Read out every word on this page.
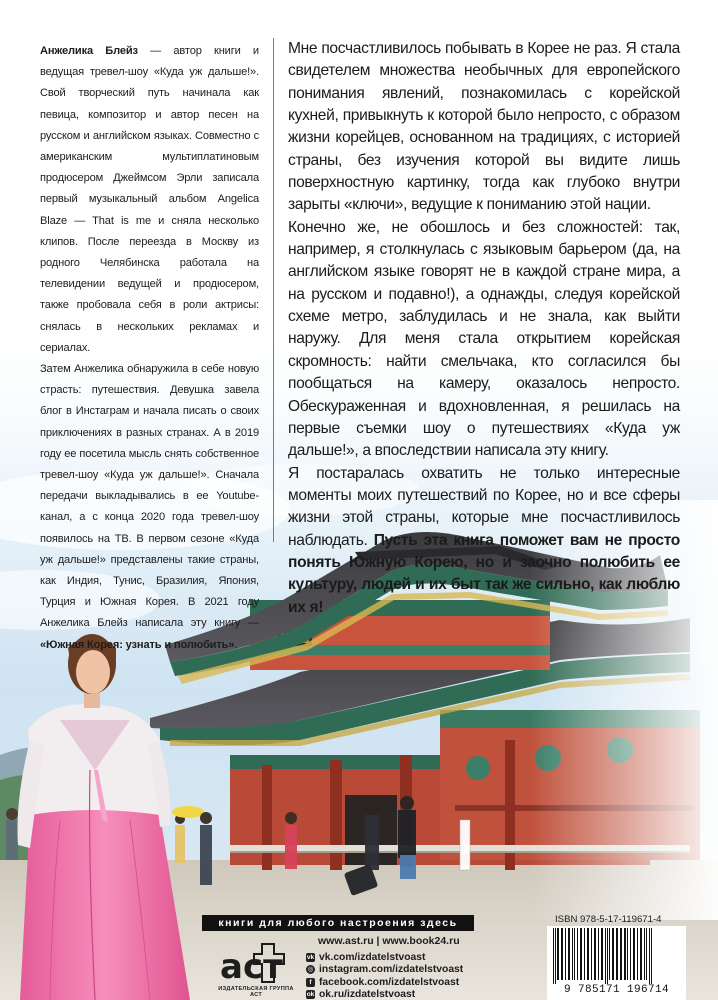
Анжелика Блейз — автор книги и ведущая тревел-шоу «Куда уж дальше!». Свой творческий путь начинала как певица, композитор и автор песен на русском и английском языках. Совместно с американским мультиплатиновым продюсером Джеймсом Эрли записала первый музыкальный альбом Angelica Blaze — That is me и сняла несколько клипов. После переезда в Москву из родного Челябинска работала на телевидении ведущей и продюсером, также пробовала себя в роли актрисы: снялась в нескольких рекламах и сериалах.

Затем Анжелика обнаружила в себе новую страсть: путешествия. Девушка завела блог в Инстаграм и начала писать о своих приключениях в разных странах. А в 2019 году ее посетила мысль снять собственное тревел-шоу «Куда уж дальше!». Сначала передачи выкладывались в ее Youtube-канал, а с конца 2020 года тревел-шоу появилось на ТВ. В первом сезоне «Куда уж дальше!» представлены такие страны, как Индия, Тунис, Бразилия, Япония, Турция и Южная Корея. В 2021 году Анжелика Блейз написала эту книгу — «Южная Корея: узнать и полюбить».

Мне посчастливилось побывать в Корее не раз. Я стала свидетелем множества необычных для европейского понимания явлений, познакомилась с корейской кухней, привыкнуть к которой было непросто, с образом жизни корейцев, основанном на традициях, с историей страны, без изучения которой вы видите лишь поверхностную картинку, тогда как глубоко внутри зарыты «ключи», ведущие к пониманию этой нации.

Конечно же, не обошлось и без сложностей: так, например, я столкнулась с языковым барьером (да, на английском языке говорят не в каждой стране мира, а на русском и подавно!), а однажды, следуя корейской схеме метро, заблудилась и не знала, как выйти наружу. Для меня стала открытием корейская скромность: найти смельчака, кто согласился бы пообщаться на камеру, оказалось непросто. Обескураженная и вдохновленная, я решилась на первые съемки шоу о путешествиях «Куда уж дальше!», а впоследствии написала эту книгу.

Я постаралась охватить не только интересные моменты моих путешествий по Корее, но и все сферы жизни этой страны, которые мне посчастливилось наблюдать. Пусть эта книга поможет вам не просто понять Южную Корею, но и заочно полюбить ее культуру, людей и их быт так же сильно, как люблю их я!

книги для любого настроения здесь
www.ast.ru | www.book24.ru
аст
ИЗДАТЕЛЬСКАЯ ГРУППА АСТ
vk vk.com/izdatelstvoast
◎ instagram.com/izdatelstvoast
f facebook.com/izdatelstvoast
ok ok.ru/izdatelstvoast
ISBN 978-5-17-119671-4
9 785171 196714
